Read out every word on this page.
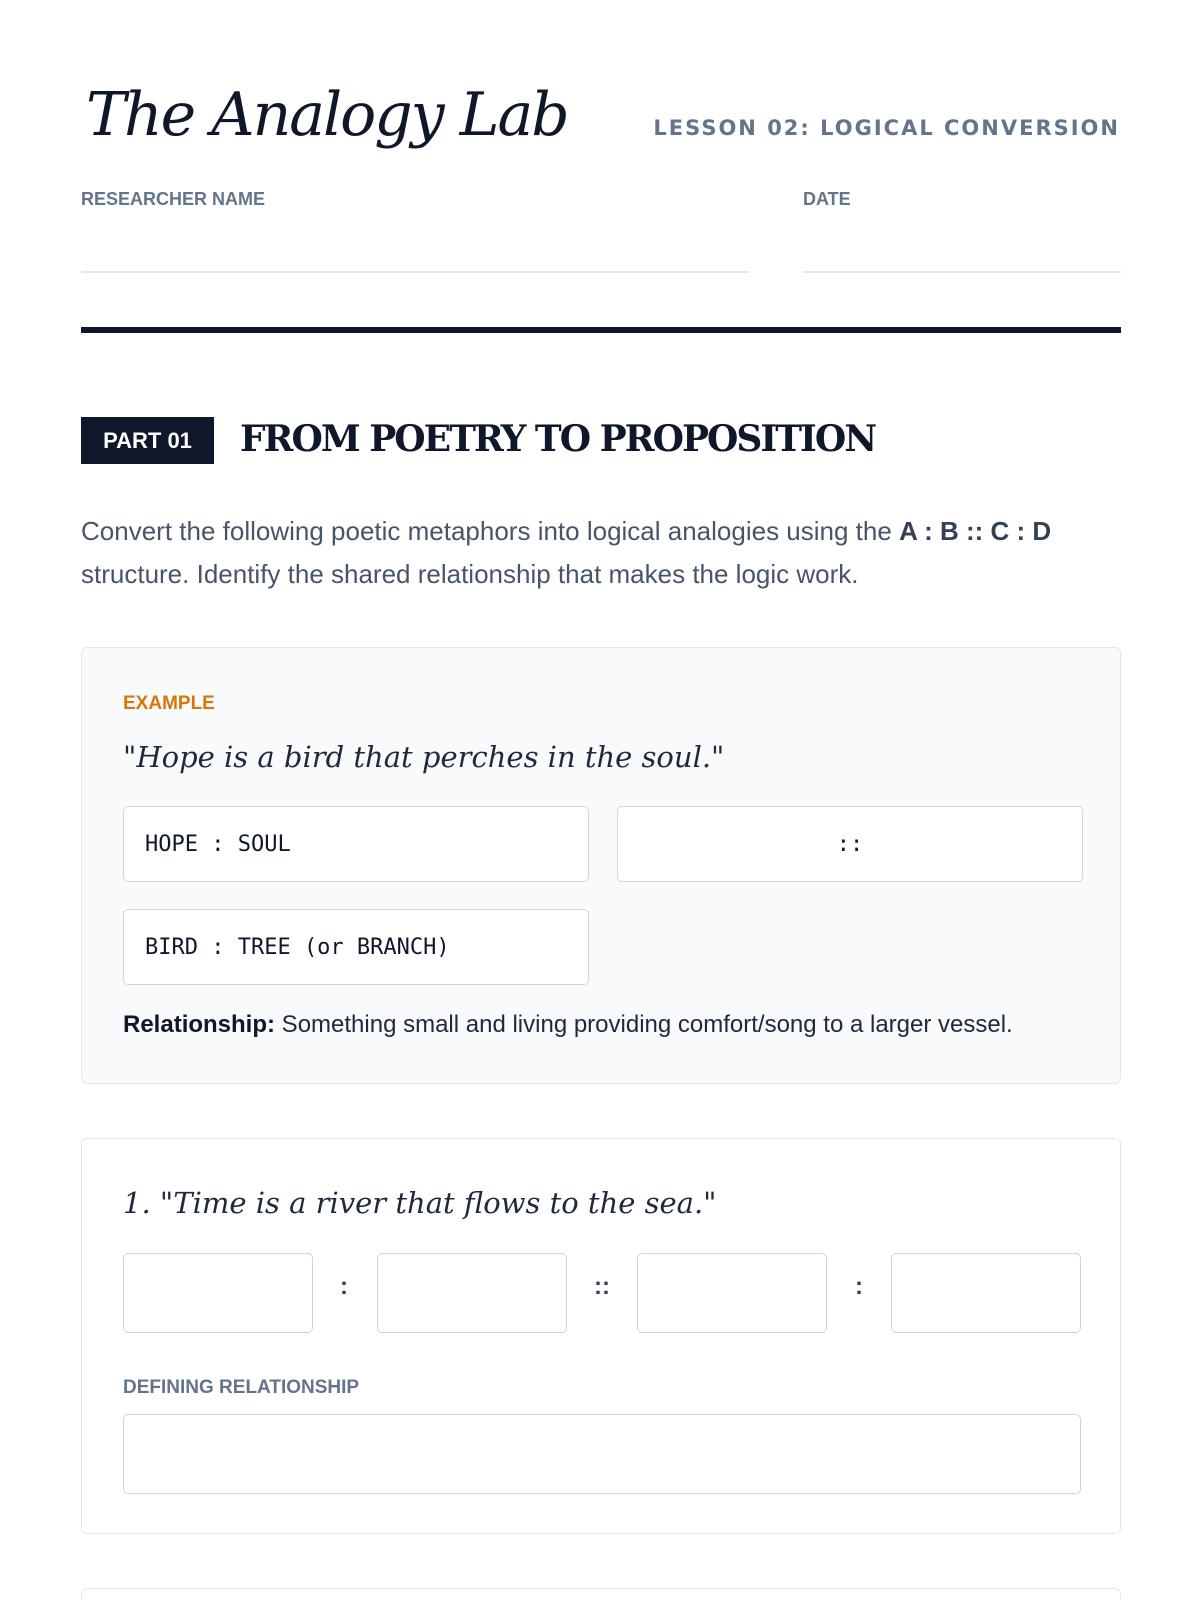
The Analogy Lab	LESSON 02: LOGICAL CONVERSION
RESEARCHER NAME	DATE
PART 01	FROM POETRY TO PROPOSITION

Convert the following poetic metaphors into logical analogies using the A : B :: C : D structure. Identify the shared relationship that makes the logic work.

EXAMPLE
"Hope is a bird that perches in the soul."
HOPE : SOUL	::
BIRD : TREE (or BRANCH)
Relationship: Something small and living providing comfort/song to a larger vessel.
1. "Time is a river that flows to the sea."
:	::	:
DEFINING RELATIONSHIP
